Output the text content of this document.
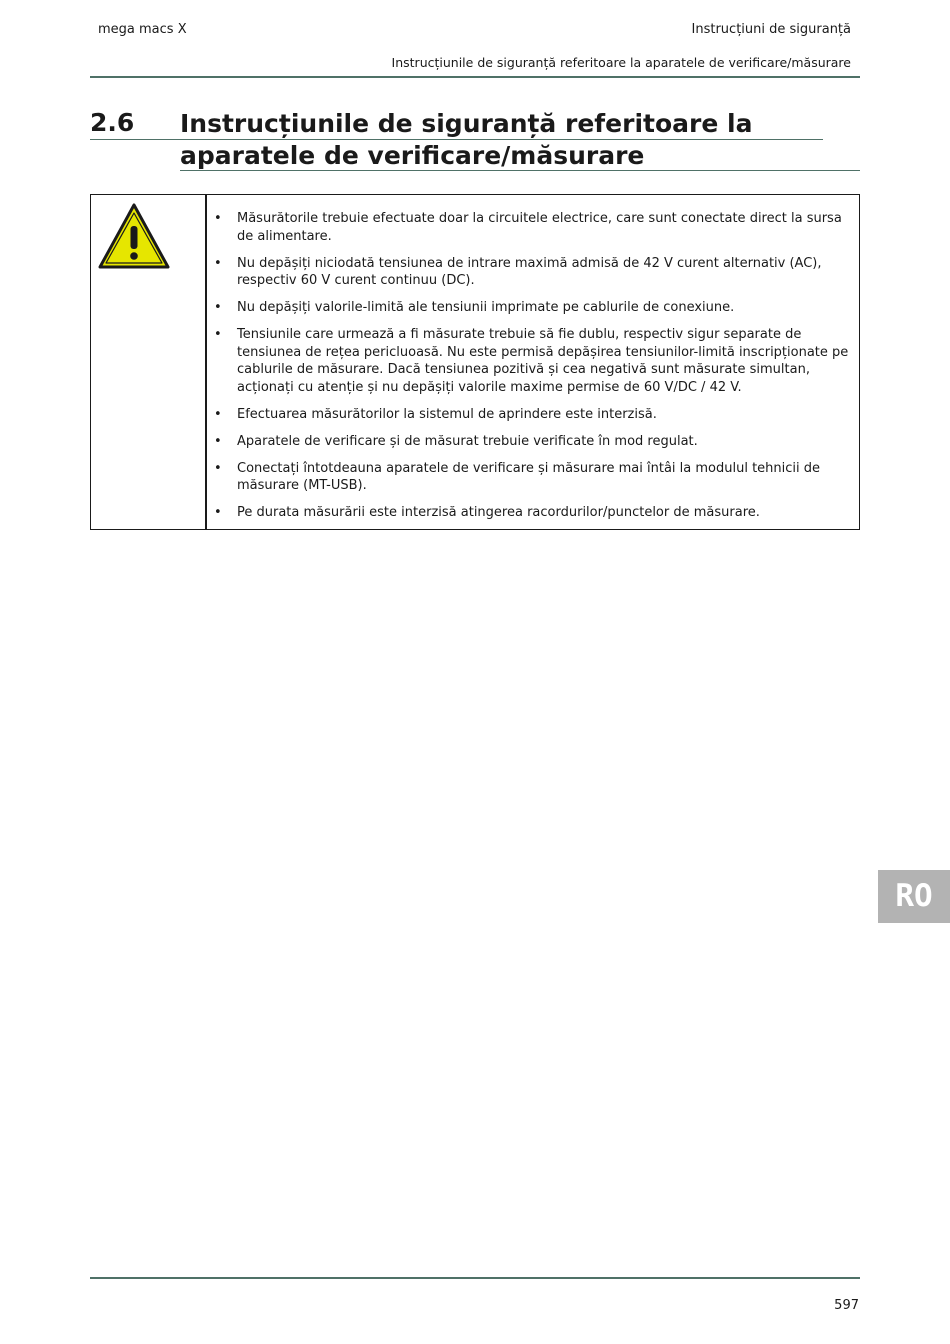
mega macs X	Instrucțiuni de siguranță
Instrucțiunile de siguranță referitoare la aparatele de verificare/măsurare
2.6 Instrucțiunile de siguranță referitoare la aparatele de verificare/măsurare
• Măsurătorile trebuie efectuate doar la circuitele electrice, care sunt conectate direct la sursa de alimentare.
• Nu depășiți niciodată tensiunea de intrare maximă admisă de 42 V curent alternativ (AC), respectiv 60 V curent continuu (DC).
• Nu depășiți valorile-limită ale tensiunii imprimate pe cablurile de conexiune.
• Tensiunile care urmează a fi măsurate trebuie să fie dublu, respectiv sigur separate de tensiunea de rețea pericluoasă. Nu este permisă depășirea tensiunilor-limită inscripționate pe cablurile de măsurare. Dacă tensiunea pozitivă și cea negativă sunt măsurate simultan, acționați cu atenție și nu depășiți valorile maxime permise de 60 V/DC / 42 V.
• Efectuarea măsurătorilor la sistemul de aprindere este interzisă.
• Aparatele de verificare și de măsurat trebuie verificate în mod regulat.
• Conectați întotdeauna aparatele de verificare și măsurare mai întâi la modulul tehnicii de măsurare (MT-USB).
• Pe durata măsurării este interzisă atingerea racordurilor/punctelor de măsurare.
RO
597
